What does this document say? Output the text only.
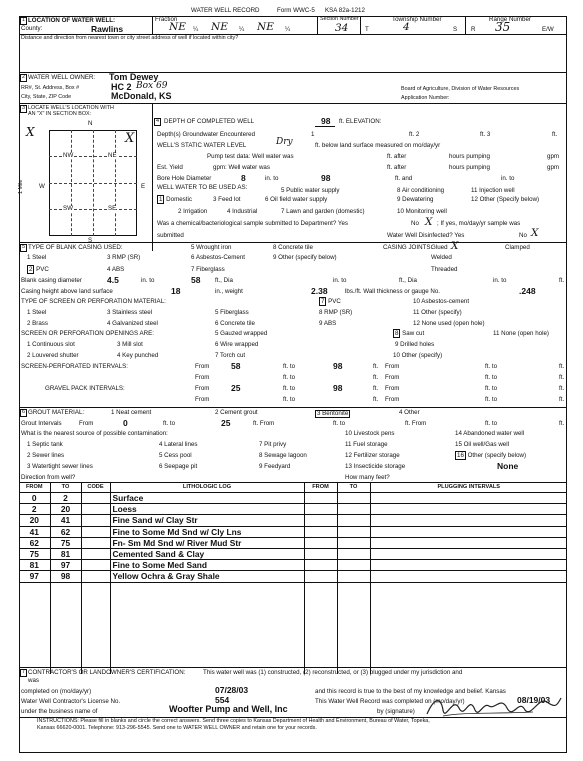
WATER WELL RECORD	Form WWC-5 KSA 82a-1212
1 LOCATION OF WATER WELL:
County:	Rawlins
Fraction
NE ¼ NE ¼ NE ¼
Section Number
34
Township Number
T	4	S
Range Number
R 35	E/W
Distance and direction from nearest town or city street address of well if located within city?
2 WATER WELL OWNER: Tom Dewey
RR#, St. Address, Box #	HC 2 Box 69
City, State, ZIP Code	McDonald, KS
Board of Agriculture, Division of Water Resources
Application Number:
3 LOCATE WELL'S LOCATION WITH
AN "X" IN SECTION BOX:
X
N
S
W	E
1 Mile
NW	NE
SW	SE
X
4 DEPTH OF COMPLETED WELL	98 ft. ELEVATION:
Depth(s) Groundwater Encountered	1	ft. 2	ft. 3	ft.
WELL'S STATIC WATER LEVEL	Dry	ft. below land surface measured on mo/day/yr
Pump test data: Well water was	ft. after	hours pumping	gpm
Est. Yield	gpm: Well water was	ft. after	hours pumping	gpm
Bore Hole Diameter	8	in. to	98	ft. and	in. to
WELL WATER TO BE USED AS:
1 Domestic
2 Irrigation
3 Feed lot
4 Industrial
5 Public water supply
6 Oil field water supply
7 Lawn and garden (domestic)
8 Air conditioning
9 Dewatering
10 Monitoring well
11 Injection well
12 Other (Specify below)
Was a chemical/bacteriological sample submitted to Department? Yes	No X ; If yes, mo/day/yr sample was
submitted	Water Well Disinfected? Yes	No X
5 TYPE OF BLANK CASING USED:
1 Steel
2 PVC
3 RMP (SR)
4 ABS
5 Wrought iron
6 Asbestos-Cement
7 Fiberglass
8 Concrete tile
9 Other (specify below)
CASING JOINTS:
Glued X	Clamped
Welded
Threaded
Blank casing diameter	4.5	in. to	58 ft., Dia	in. to	ft., Dia	in. to	ft.
Casing height above land surface	18	in., weight	2.38	lbs./ft. Wall thickness or gauge No.	.248
TYPE OF SCREEN OR PERFORATION MATERIAL:
1 Steel
2 Brass
3 Stainless steel
4 Galvanized steel
5 Fiberglass
6 Concrete tile
7 PVC
8 RMP (SR)
9 ABS
10 Asbestos-cement
11 Other (specify)
12 None used (open hole)
SCREEN OR PERFORATION OPENINGS ARE:
1 Continuous slot
2 Louvered shutter
3 Mill slot
4 Key punched
5 Gauzed wrapped
6 Wire wrapped
7 Torch cut
8 Saw cut
9 Drilled holes
10 Other (specify)
11 None (open hole)
SCREEN-PERFORATED INTERVALS:	From	58	ft. to	98	ft. From	ft. to	ft.
From	ft. to	ft. From	ft. to	ft.
GRAVEL PACK INTERVALS:	From	25	ft. to	98	ft. From	ft. to	ft.
From	ft. to	ft. From	ft. to	ft.
6 GROUT MATERIAL:	1 Neat cement	2 Cement grout	3 Bentonite	4 Other
Grout Intervals	From	0	ft. to	25	ft. From	ft. to	ft. From	ft. to	ft.
What is the nearest source of possible contamination:
1 Septic tank
2 Sewer lines
3 Watertight sewer lines
4 Lateral lines
5 Cess pool
6 Seepage pit
7 Pit privy
8 Sewage lagoon
9 Feedyard
10 Livestock pens
11 Fuel storage
12 Fertilizer storage
13 Insecticide storage
14 Abandoned water well
15 Oil well/Gas well
16 Other (specify below)
None
Direction from well?	How many feet?
FROM	TO	CODE	LITHOLOGIC LOG	FROM	TO	PLUGGING INTERVALS
0	2		Surface			
2	20		Loess			
20	41		Fine Sand w/ Clay Str			
41	62		Fine to Some Md Snd w/ Cly Lns			
62	75		Fn- Sm Md Snd w/ River Mud Str			
75	81		Cemented Sand & Clay			
81	97		Fine to Some Med Sand			
97	98		Yellow Ochra & Gray Shale			

7 CONTRACTOR'S OR LANDOWNER'S CERTIFICATION:	This water well was (1) constructed, (2) reconstructed, or (3) plugged under my jurisdiction and
was
completed on (mo/day/yr)	07/28/03	and this record is true to the best of my knowledge and belief. Kansas
Water Well Contractor's License No.	554	This Water Well Record was completed on (mo/day/yr)	08/19/03
under the business name of	Woofter Pump and Well, Inc	by (signature)
INSTRUCTIONS: Please fill in blanks and circle the correct answers. Send three copies to Kansas Department of Health and Environment, Bureau of Water, Topeka,
Kansas 66620-0001. Telephone: 913-296-5545. Send one to WATER WELL OWNER and retain one for your records.
